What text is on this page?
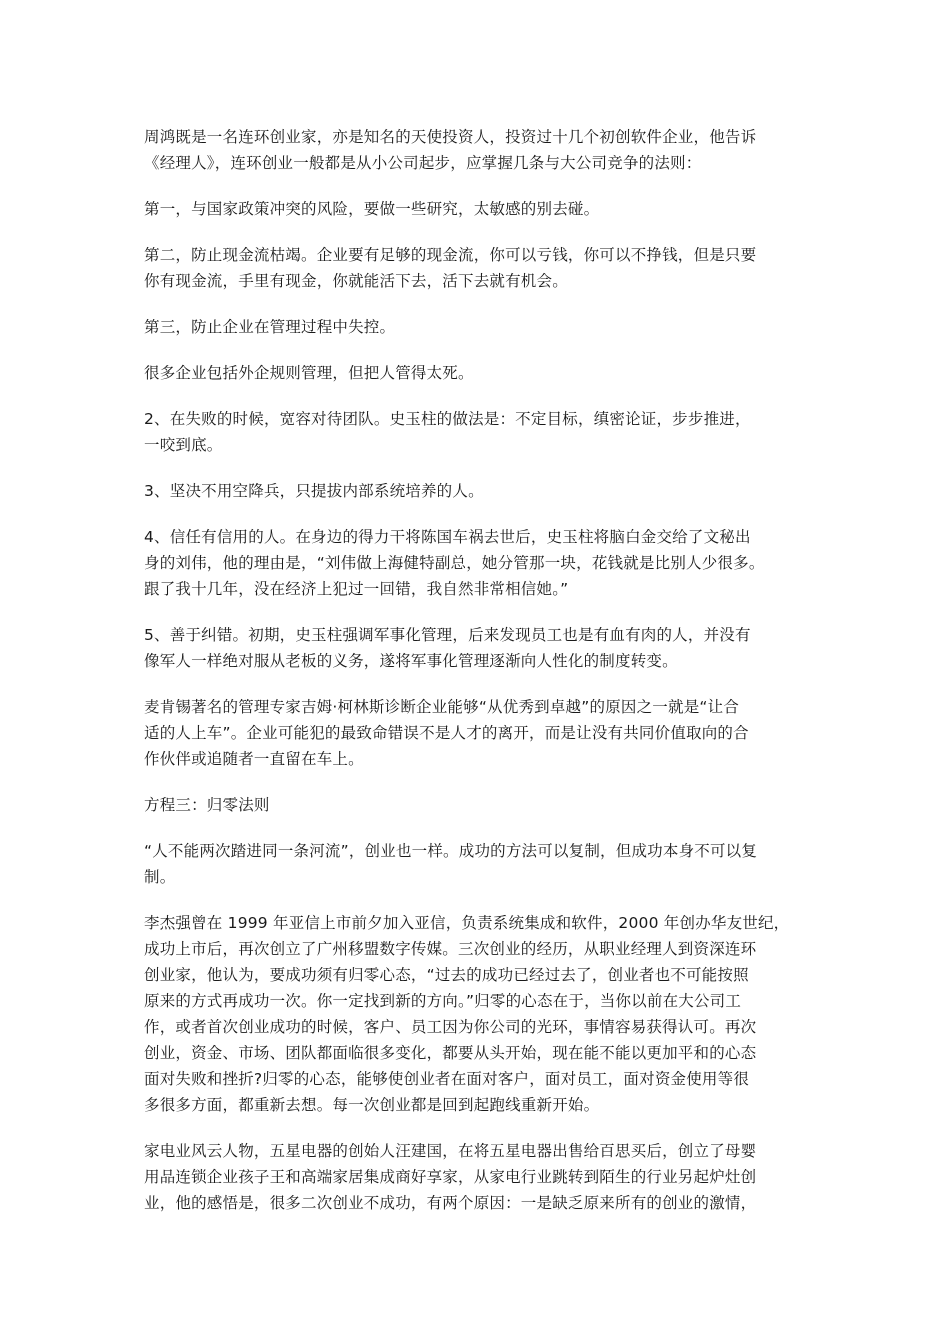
周鸿既是一名连环创业家，亦是知名的天使投资人，投资过十几个初创软件企业，他告诉
《经理人》，连环创业一般都是从小公司起步，应掌握几条与大公司竞争的法则：

第一，与国家政策冲突的风险，要做一些研究，太敏感的别去碰。

第二，防止现金流枯竭。企业要有足够的现金流，你可以亏钱，你可以不挣钱，但是只要
你有现金流，手里有现金，你就能活下去，活下去就有机会。

第三，防止企业在管理过程中失控。

很多企业包括外企规则管理，但把人管得太死。

2、在失败的时候，宽容对待团队。史玉柱的做法是：不定目标，缜密论证，步步推进，
一咬到底。

3、坚决不用空降兵，只提拔内部系统培养的人。

4、信任有信用的人。在身边的得力干将陈国车祸去世后，史玉柱将脑白金交给了文秘出
身的刘伟，他的理由是，“刘伟做上海健特副总，她分管那一块，花钱就是比别人少很多。
跟了我十几年，没在经济上犯过一回错，我自然非常相信她。”

5、善于纠错。初期，史玉柱强调军事化管理，后来发现员工也是有血有肉的人，并没有
像军人一样绝对服从老板的义务，遂将军事化管理逐渐向人性化的制度转变。

麦肯锡著名的管理专家吉姆·柯林斯诊断企业能够“从优秀到卓越”的原因之一就是“让合
适的人上车”。企业可能犯的最致命错误不是人才的离开，而是让没有共同价值取向的合
作伙伴或追随者一直留在车上。

方程三：归零法则

“人不能两次踏进同一条河流”，创业也一样。成功的方法可以复制，但成功本身不可以复
制。

李杰强曾在 1999 年亚信上市前夕加入亚信，负责系统集成和软件，2000 年创办华友世纪，
成功上市后，再次创立了广州移盟数字传媒。三次创业的经历，从职业经理人到资深连环
创业家，他认为，要成功须有归零心态，“过去的成功已经过去了，创业者也不可能按照
原来的方式再成功一次。你一定找到新的方向。”归零的心态在于，当你以前在大公司工
作，或者首次创业成功的时候，客户、员工因为你公司的光环，事情容易获得认可。再次
创业，资金、市场、团队都面临很多变化，都要从头开始，现在能不能以更加平和的心态
面对失败和挫折?归零的心态，能够使创业者在面对客户，面对员工，面对资金使用等很
多很多方面，都重新去想。每一次创业都是回到起跑线重新开始。

家电业风云人物，五星电器的创始人汪建国，在将五星电器出售给百思买后，创立了母婴
用品连锁企业孩子王和高端家居集成商好享家，从家电行业跳转到陌生的行业另起炉灶创
业，他的感悟是，很多二次创业不成功，有两个原因：一是缺乏原来所有的创业的激情，
